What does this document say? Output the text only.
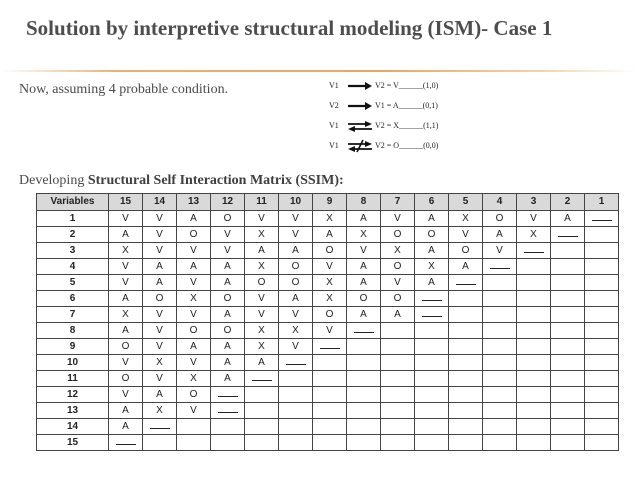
Solution by interpretive structural modeling (ISM)- Case 1
Now, assuming 4 probable condition.	V1	V2 = V______(1,0)
V2	V1 = A______(0,1)
V1	V2 = X______(1,1)
V1	V2 = O______(0,0)
Developing Structural Self Interaction Matrix (SSIM):
Variables	15	14	13	12	11	10	9	8	7	6	5	4	3	2	1
1	V	V	A	O	V	V	X	A	V	A	X	O	V	A	
2	A	V	O	V	X	V	A	X	O	O	V	A	X		
3	X	V	V	V	A	A	O	V	X	A	O	V			
4	V	A	A	A	X	O	V	A	O	X	A				
5	V	A	V	A	O	O	X	A	V	A					
6	A	O	X	O	V	A	X	O	O						
7	X	V	V	A	V	V	O	A	A						
8	A	V	O	O	X	X	V								
9	O	V	A	A	X	V									
10	V	X	V	A	A										
11	O	V	X	A											
12	V	A	O												
13	A	X	V												
14	A														
15															
